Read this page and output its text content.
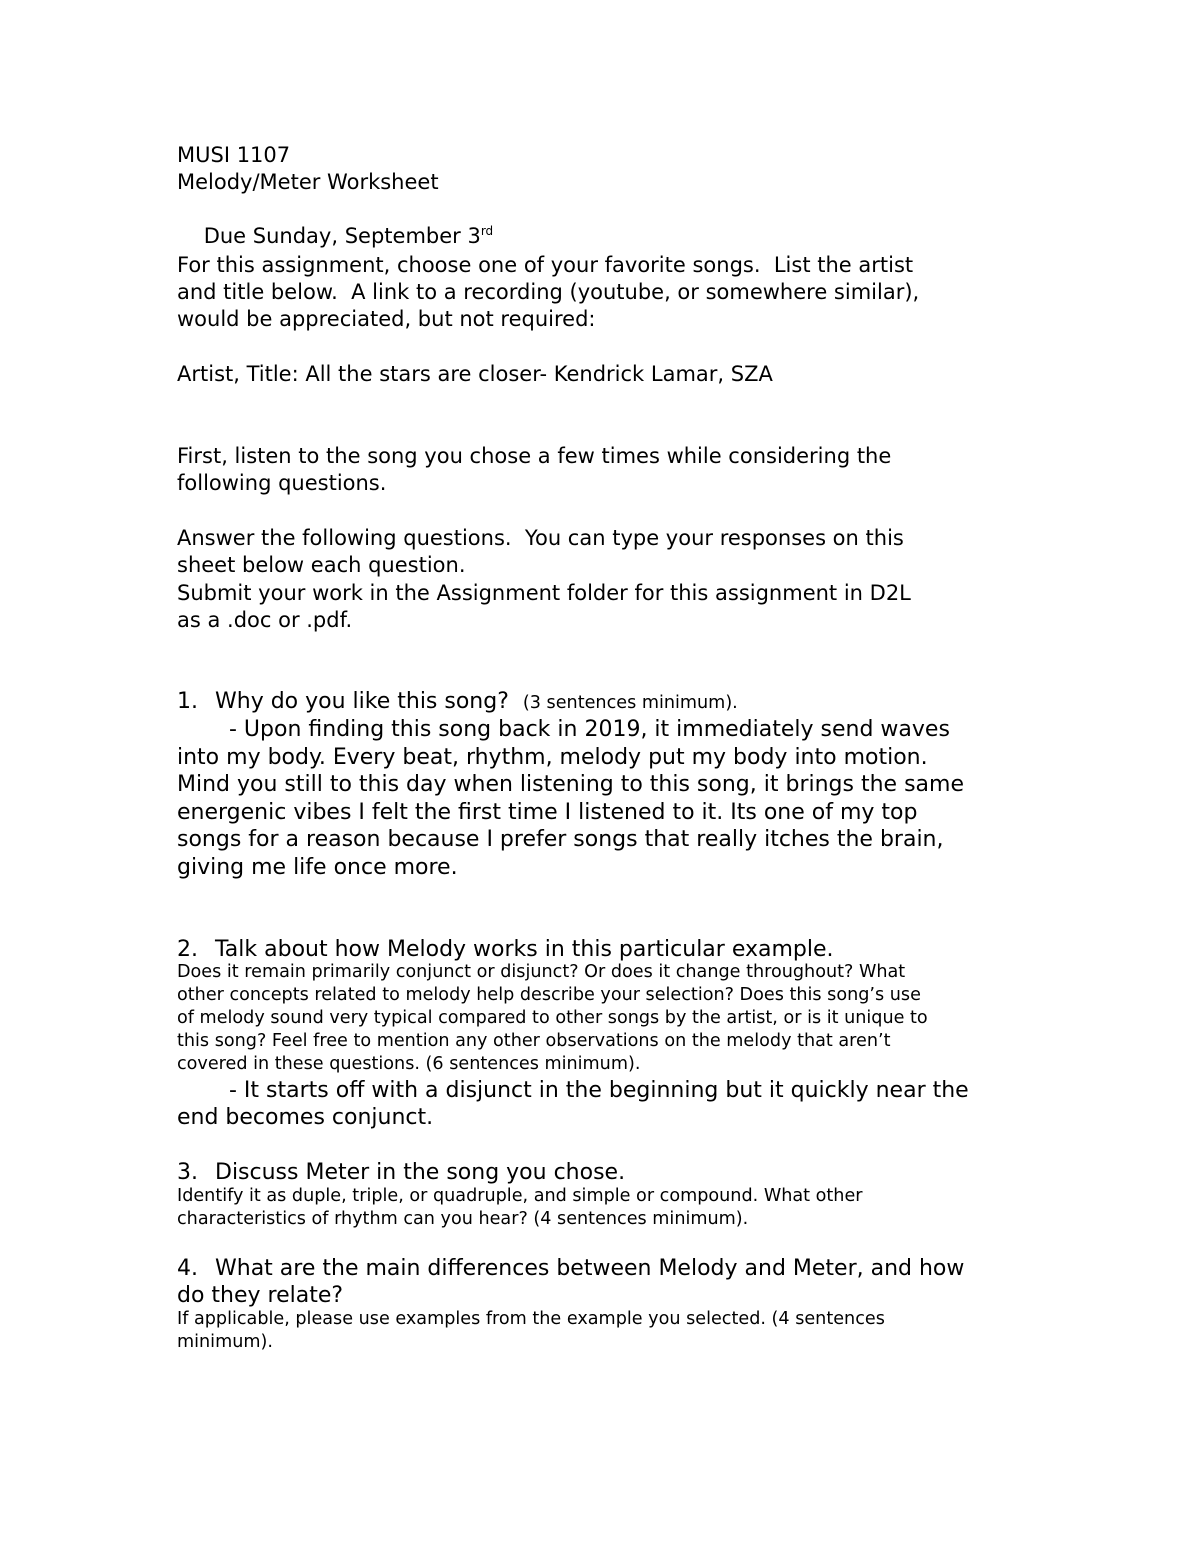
MUSI 1107

Melody/Meter Worksheet

Due Sunday, September 3rd

For this assignment, choose one of your favorite songs.  List the artist

and title below.  A link to a recording (youtube, or somewhere similar),

would be appreciated, but not required:

Artist, Title: All the stars are closer- Kendrick Lamar, SZA

First, listen to the song you chose a few times while considering the

following questions.

Answer the following questions.  You can type your responses on this

sheet below each question.

Submit your work in the Assignment folder for this assignment in D2L

as a .doc or .pdf.

1. Why do you like this song? (3 sentences minimum).

- Upon finding this song back in 2019, it immediately send waves

into my body. Every beat, rhythm, melody put my body into motion.

Mind you still to this day when listening to this song, it brings the same

energenic vibes I felt the first time I listened to it. Its one of my top

songs for a reason because I prefer songs that really itches the brain,

giving me life once more.

2. Talk about how Melody works in this particular example.

Does it remain primarily conjunct or disjunct? Or does it change throughout? What

other concepts related to melody help describe your selection? Does this song’s use

of melody sound very typical compared to other songs by the artist, or is it unique to

this song? Feel free to mention any other observations on the melody that aren’t

covered in these questions. (6 sentences minimum).

- It starts off with a disjunct in the beginning but it quickly near the

end becomes conjunct.

3. Discuss Meter in the song you chose.

Identify it as duple, triple, or quadruple, and simple or compound. What other

characteristics of rhythm can you hear? (4 sentences minimum).

4. What are the main differences between Melody and Meter, and how

do they relate?

If applicable, please use examples from the example you selected. (4 sentences

minimum).
